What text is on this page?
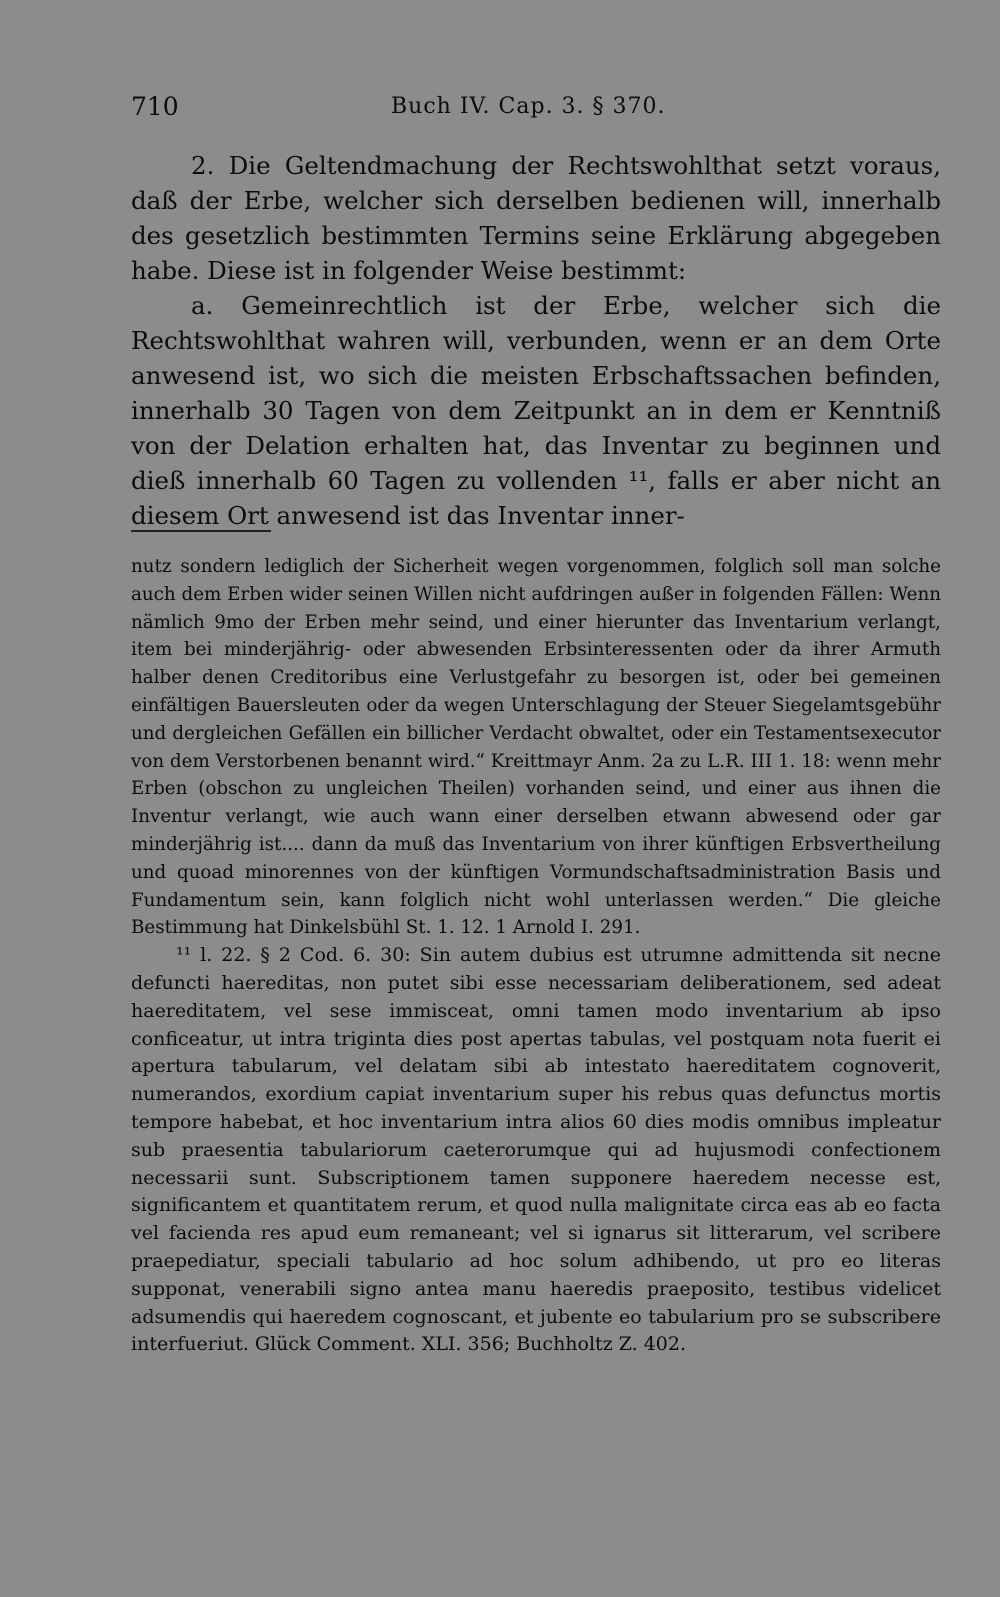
710	Buch IV. Cap. 3. § 370.

2. Die Geltendmachung der Rechtswohlthat setzt voraus, daß der Erbe, welcher sich derselben bedienen will, innerhalb des gesetzlich bestimmten Termins seine Erklärung abgegeben habe. Diese ist in folgender Weise bestimmt:

a. Gemeinrechtlich ist der Erbe, welcher sich die Rechtswohlthat wahren will, verbunden, wenn er an dem Orte anwesend ist, wo sich die meisten Erbschaftssachen befinden, innerhalb 30 Tagen von dem Zeitpunkt an in dem er Kenntniß von der Delation erhalten hat, das Inventar zu beginnen und dieß innerhalb 60 Tagen zu vollenden ¹¹, falls er aber nicht an diesem Ort anwesend ist das Inventar inner-

nutz sondern lediglich der Sicherheit wegen vorgenommen, folglich soll man solche auch dem Erben wider seinen Willen nicht aufdringen außer in folgenden Fällen: Wenn nämlich 9mo der Erben mehr seind, und einer hierunter das Inventarium verlangt, item bei minderjährig- oder abwesenden Erbsinteressenten oder da ihrer Armuth halber denen Creditoribus eine Verlustgefahr zu besorgen ist, oder bei gemeinen einfältigen Bauersleuten oder da wegen Unterschlagung der Steuer Siegelamtsgebühr und dergleichen Gefällen ein billicher Verdacht obwaltet, oder ein Testamentsexecutor von dem Verstorbenen benannt wird.“ Kreittmayr Anm. 2a zu L.R. III 1. 18: wenn mehr Erben (obschon zu ungleichen Theilen) vorhanden seind, und einer aus ihnen die Inventur verlangt, wie auch wann einer derselben etwann abwesend oder gar minderjährig ist.... dann da muß das Inventarium von ihrer künftigen Erbsvertheilung und quoad minorennes von der künftigen Vormundschaftsadministration Basis und Fundamentum sein, kann folglich nicht wohl unterlassen werden.“ Die gleiche Bestimmung hat Dinkelsbühl St. 1. 12. 1 Arnold I. 291.

¹¹ l. 22. § 2 Cod. 6. 30: Sin autem dubius est utrumne admittenda sit necne defuncti haereditas, non putet sibi esse necessariam deliberationem, sed adeat haereditatem, vel sese immisceat, omni tamen modo inventarium ab ipso conficeatur, ut intra triginta dies post apertas tabulas, vel postquam nota fuerit ei apertura tabularum, vel delatam sibi ab intestato haereditatem cognoverit, numerandos, exordium capiat inventarium super his rebus quas defunctus mortis tempore habebat, et hoc inventarium intra alios 60 dies modis omnibus impleatur sub praesentia tabulariorum caeterorumque qui ad hujusmodi confectionem necessarii sunt. Subscriptionem tamen supponere haeredem necesse est, significantem et quantitatem rerum, et quod nulla malignitate circa eas ab eo facta vel facienda res apud eum remaneant; vel si ignarus sit litterarum, vel scribere praepediatur, speciali tabulario ad hoc solum adhibendo, ut pro eo literas supponat, venerabili signo antea manu haeredis praeposito, testibus videlicet adsumendis qui haeredem cognoscant, et jubente eo tabularium pro se subscribere interfueriut. Glück Comment. XLI. 356; Buchholtz Z. 402.
